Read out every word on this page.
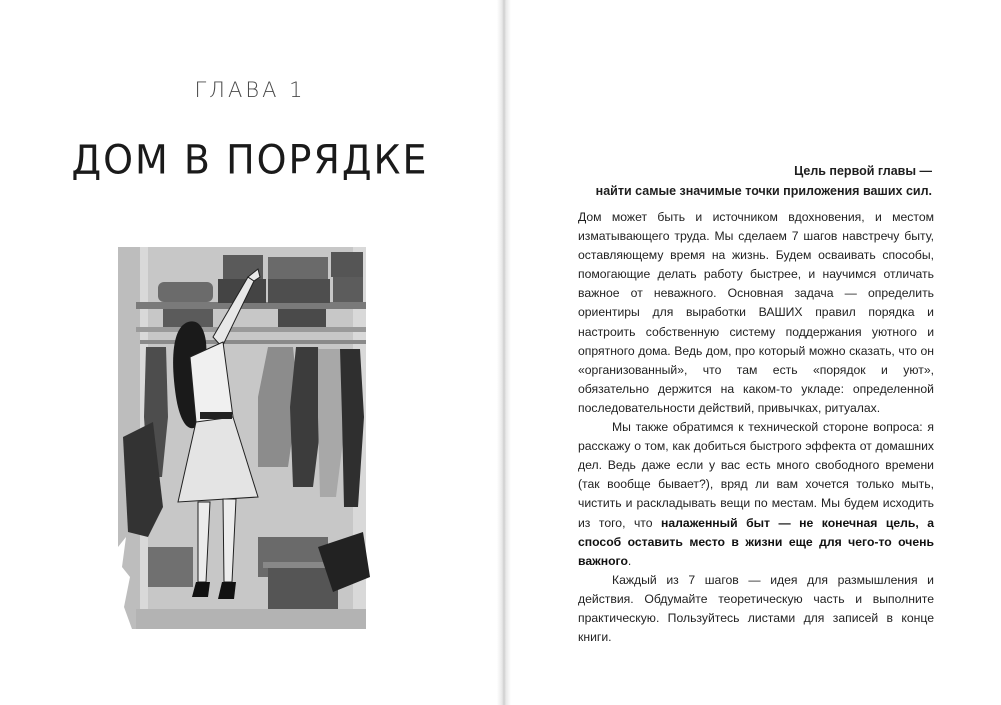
ГЛАВА 1
ДОМ В ПОРЯДКЕ	Цель первой главы —
найти самые значимые точки приложения ваших сил.

Дом может быть и источником вдохновения, и местом изматывающего труда. Мы сделаем 7 шагов навстречу быту, оставляющему время на жизнь. Будем осваивать способы, помогающие делать работу быстрее, и научимся отличать важное от неважного. Основная задача — определить ориентиры для выработки ВАШИХ правил порядка и настроить собственную систему поддержания уютного и опрятного дома. Ведь дом, про который можно сказать, что он «организованный», что там есть «порядок и уют», обязательно держится на каком-то укладе: определенной последовательности действий, привычках, ритуалах.

Мы также обратимся к технической стороне вопроса: я расскажу о том, как добиться быстрого эффекта от домашних дел. Ведь даже если у вас есть много свободного времени (так вообще бывает?), вряд ли вам хочется только мыть, чистить и раскладывать вещи по местам. Мы будем исходить из того, что налаженный быт — не конечная цель, а способ оставить место в жизни еще для чего-то очень важного.

Каждый из 7 шагов — идея для размышления и действия. Обдумайте теоретическую часть и выполните практическую. Пользуйтесь листами для записей в конце книги.
